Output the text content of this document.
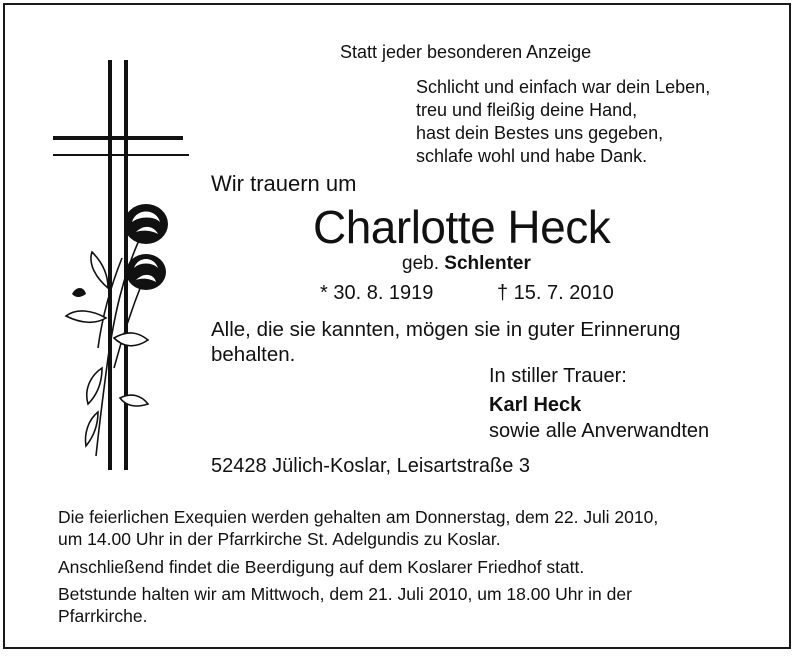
Statt jeder besonderen Anzeige

Schlicht und einfach war dein Leben,
treu und fleißig deine Hand,
hast dein Bestes uns gegeben,
schlafe wohl und habe Dank.

Wir trauern um

Charlotte Heck

geb. Schlenter

* 30. 8. 1919	† 15. 7. 2010

Alle, die sie kannten, mögen sie in guter Erinnerung

behalten.

In stiller Trauer:

Karl Heck

sowie alle Anverwandten

52428 Jülich-Koslar, Leisartstraße 3

Die feierlichen Exequien werden gehalten am Donnerstag, dem 22. Juli 2010,

um 14.00 Uhr in der Pfarrkirche St. Adelgundis zu Koslar.

Anschließend findet die Beerdigung auf dem Koslarer Friedhof statt.

Betstunde halten wir am Mittwoch, dem 21. Juli 2010, um 18.00 Uhr in der

Pfarrkirche.
